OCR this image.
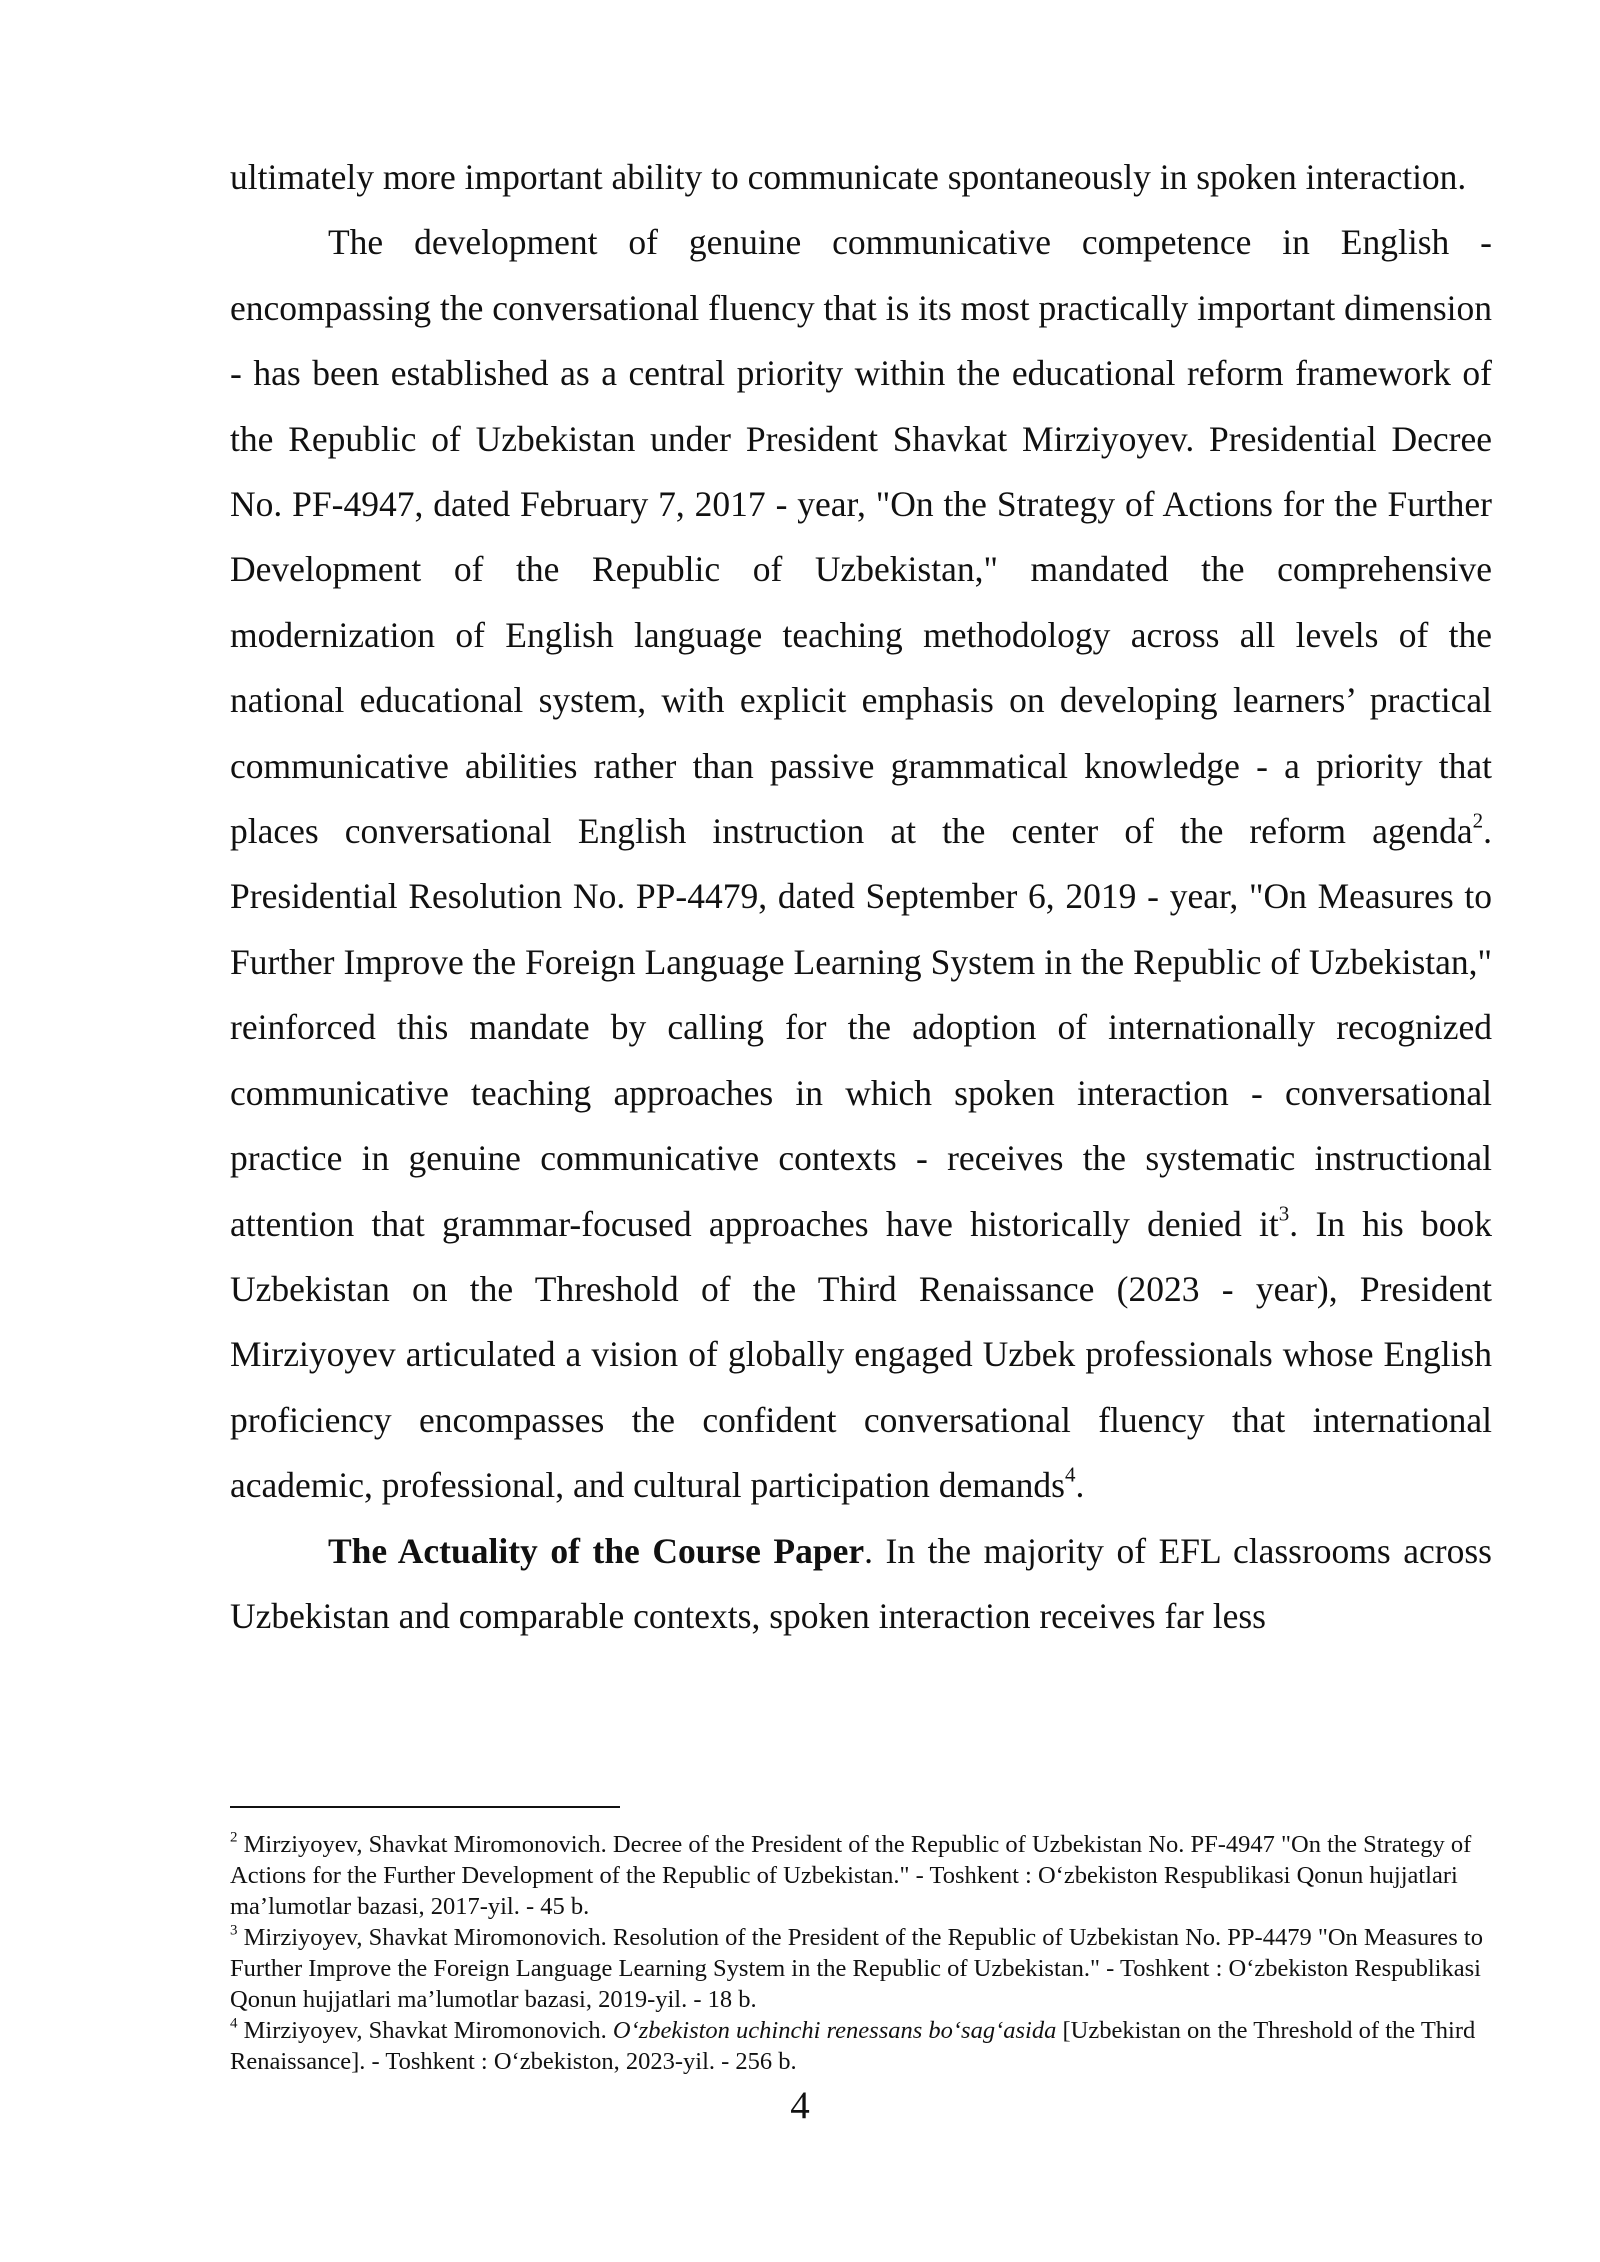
ultimately more important ability to communicate spontaneously in spoken interaction.

The development of genuine communicative competence in English - encompassing the conversational fluency that is its most practically important dimension - has been established as a central priority within the educational reform framework of the Republic of Uzbekistan under President Shavkat Mirziyoyev. Presidential Decree No. PF-4947, dated February 7, 2017 - year, "On the Strategy of Actions for the Further Development of the Republic of Uzbekistan," mandated the comprehensive modernization of English language teaching methodology across all levels of the national educational system, with explicit emphasis on developing learners’ practical communicative abilities rather than passive grammatical knowledge - a priority that places conversational English instruction at the center of the reform agenda$^2$. Presidential Resolution No. PP-4479, dated September 6, 2019 - year, "On Measures to Further Improve the Foreign Language Learning System in the Republic of Uzbekistan," reinforced this mandate by calling for the adoption of internationally recognized communicative teaching approaches in which spoken interaction - conversational practice in genuine communicative contexts - receives the systematic instructional attention that grammar-focused approaches have historically denied $it^3$. In his book Uzbekistan on the Threshold of the Third Renaissance (2023 - year), President Mirziyoyev articulated a vision of globally engaged Uzbek professionals whose English proficiency encompasses the confident conversational fluency that international academic, professional, and cultural participation demands$^4$.

The Actuality of the Course Paper. In the majority of EFL classrooms across Uzbekistan and comparable contexts, spoken interaction receives far less

$^2$ Mirziyoyev, Shavkat Miromonovich. Decree of the President of the Republic of Uzbekistan No. PF-4947 "On the Strategy of Actions for the Further Development of the Republic of Uzbekistan." - Toshkent : O‘zbekiston Respublikasi Qonun hujjatlari ma’lumotlar bazasi, 2017-yil. - 45 b.

$^3$ Mirziyoyev, Shavkat Miromonovich. Resolution of the President of the Republic of Uzbekistan No. PP-4479 "On Measures to Further Improve the Foreign Language Learning System in the Republic of Uzbekistan." - Toshkent : O‘zbekiston Respublikasi Qonun hujjatlari ma’lumotlar bazasi, 2019-yil. - 18 b.

$^4$ Mirziyoyev, Shavkat Miromonovich. O‘zbekiston uchinchi renessans bo‘sag‘asida [Uzbekistan on the Threshold of the Third Renaissance]. - Toshkent : O‘zbekiston, 2023-yil. - 256 b.

4
